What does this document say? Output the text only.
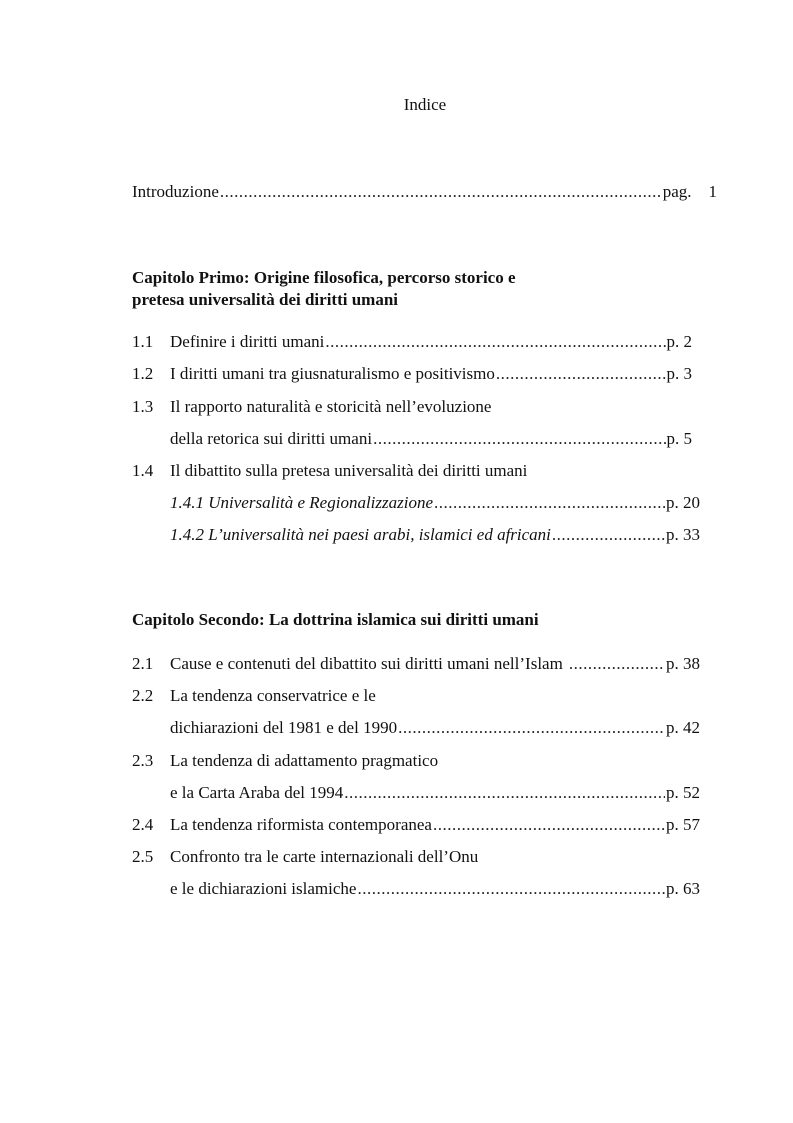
Indice
Introduzione .....	pag. 1
Capitolo Primo: Origine filosofica, percorso storico e
pretesa universalità dei diritti umani
1.1 Definire i diritti umani .....	p. 2
1.2 I diritti umani tra giusnaturalismo e positivismo .....	p. 3
1.3 Il rapporto naturalità e storicità nell’evoluzione
della retorica sui diritti umani .....	p. 5
1.4 Il dibattito sulla pretesa universalità dei diritti umani
1.4.1 Universalità e Regionalizzazione .....	p. 20
1.4.2 L’universalità nei paesi arabi, islamici ed africani .....	p. 33
Capitolo Secondo: La dottrina islamica sui diritti umani
2.1 Cause e contenuti del dibattito sui diritti umani nell’Islam .....	p. 38
2.2 La tendenza conservatrice e le
dichiarazioni del 1981 e del 1990 .....	p. 42
2.3 La tendenza di adattamento pragmatico
e la Carta Araba del 1994 .....	p. 52
2.4 La tendenza riformista contemporanea .....	p. 57
2.5 Confronto tra le carte internazionali dell’Onu
e le dichiarazioni islamiche .....	p. 63
